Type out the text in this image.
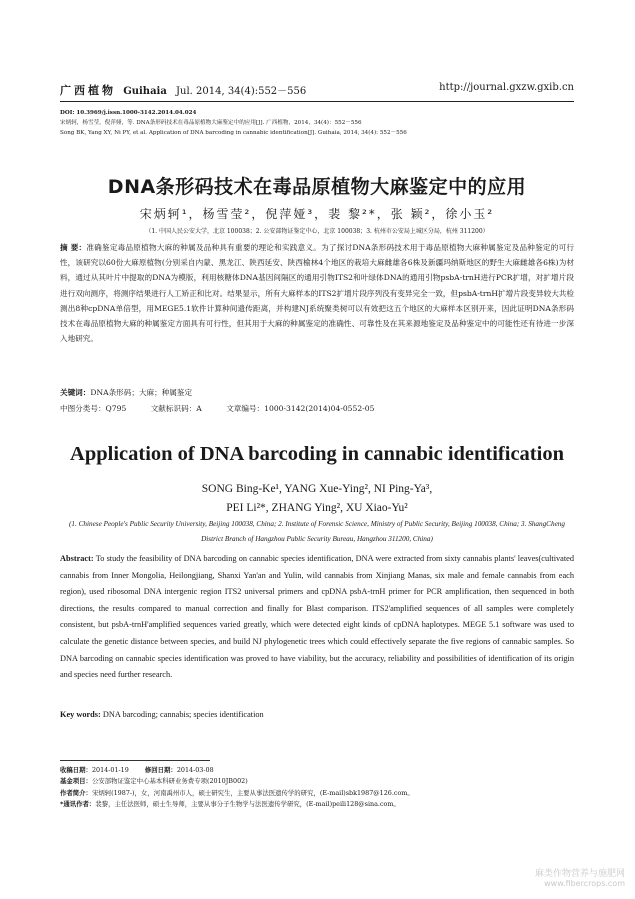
广西植物 Guihaia Jul. 2014, 34(4):552－556	http://journal.gxzw.gxib.cn
DOI: 10.3969/j.issn.1000-3142.2014.04.024
宋炳轲，杨雪莹，倪萍娅，等. DNA条形码技术在毒品原植物大麻鉴定中的应用[J]. 广西植物，2014，34(4)：552－556
Song BK, Yang XY, Ni PY, et al. Application of DNA barcoding in cannabic identification[J]. Guihaia, 2014, 34(4): 552－556
DNA条形码技术在毒品原植物大麻鉴定中的应用
宋炳轲¹，杨雪莹²，倪萍娅³，裴 黎²*，张 颖²，徐小玉²
（1. 中国人民公安大学，北京 100038；2. 公安部物证鉴定中心，北京 100038；3. 杭州市公安局上城区分局，杭州 311200）
摘 要：准确鉴定毒品原植物大麻的种属及品种具有重要的理论和实践意义。为了探讨DNA条形码技术用于毒品原植物大麻种属鉴定及品种鉴定的可行性，该研究以60份大麻原植物(分别采自内蒙、黑龙江、陕西延安、陕西榆林4个地区的栽培大麻雌雄各6株及新疆玛纳斯地区的野生大麻雌雄各6株)为材料，通过从其叶片中提取的DNA为模版，利用核糖体DNA基因间隔区的通用引物ITS2和叶绿体DNA的通用引物psbA-trnH进行PCR扩增，对扩增片段进行双向测序，将测序结果进行人工矫正和比对。结果显示，所有大麻样本的ITS2扩增片段序列没有变异完全一致，但psbA-trnH扩增片段变异较大共检测出8种cpDNA单倍型，用MEGE5.1软件计算种间遗传距离，并构建NJ系统聚类树可以有效把这五个地区的大麻样本区别开来，因此证明DNA条形码技术在毒品原植物大麻的种属鉴定方面具有可行性，但其用于大麻的种属鉴定的准确性、可靠性及在其来源地鉴定及品种鉴定中的可能性还有待进一步深入地研究。
关键词：DNA条形码；大麻；种属鉴定
中图分类号：Q795	文献标识码：A	文章编号：1000-3142(2014)04-0552-05
Application of DNA barcoding in cannabic identification
SONG Bing-Ke¹, YANG Xue-Ying², NI Ping-Ya³,
PEI Li²*, ZHANG Ying², XU Xiao-Yu²
(1. Chinese People's Public Security University, Beijing 100038, China; 2. Institute of Forensic Science, Ministry of Public Security, Beijing 100038, China; 3. ShangCheng District Branch of Hangzhou Public Security Bureau, Hangzhou 311200, China)
Abstract: To study the feasibility of DNA barcoding on cannabic species identification, DNA were extracted from sixty cannabis plants' leaves(cultivated cannabis from Inner Mongolia, Heilongjiang, Shanxi Yan'an and Yulin, wild cannabis from Xinjiang Manas, six male and female cannabis from each region), used ribosomal DNA intergenic region ITS2 universal primers and cpDNA psbA-trnH primer for PCR amplification, then sequenced in both directions, the results compared to manual correction and finally for Blast comparison. ITS2'amplified sequences of all samples were completely consistent, but psbA-trnH'amplified sequences varied greatly, which were detected eight kinds of cpDNA haplotypes. MEGE 5.1 software was used to calculate the genetic distance between species, and build NJ phylogenetic trees which could effectively separate the five regions of cannabic samples. So DNA barcoding on cannabic species identification was proved to have viability, but the accuracy, reliability and possibilities of identification of its origin and species need further research.
Key words: DNA barcoding; cannabis; species identification
收稿日期：2014-01-19	修回日期：2014-03-08
基金项目：公安部物证鉴定中心基本科研业务费专项(2010JB002)
作者简介：宋炳轲(1987-)，女，河南禹州市人，硕士研究生，主要从事法医遗传学的研究，(E-mail)sbk1987@126.com。
*通讯作者：裴黎，主任法医师，硕士生导师，主要从事分子生物学与法医遗传学研究，(E-mail)peili128@sina.com。
麻类作物营养与施肥网
www.fibercrops.com
